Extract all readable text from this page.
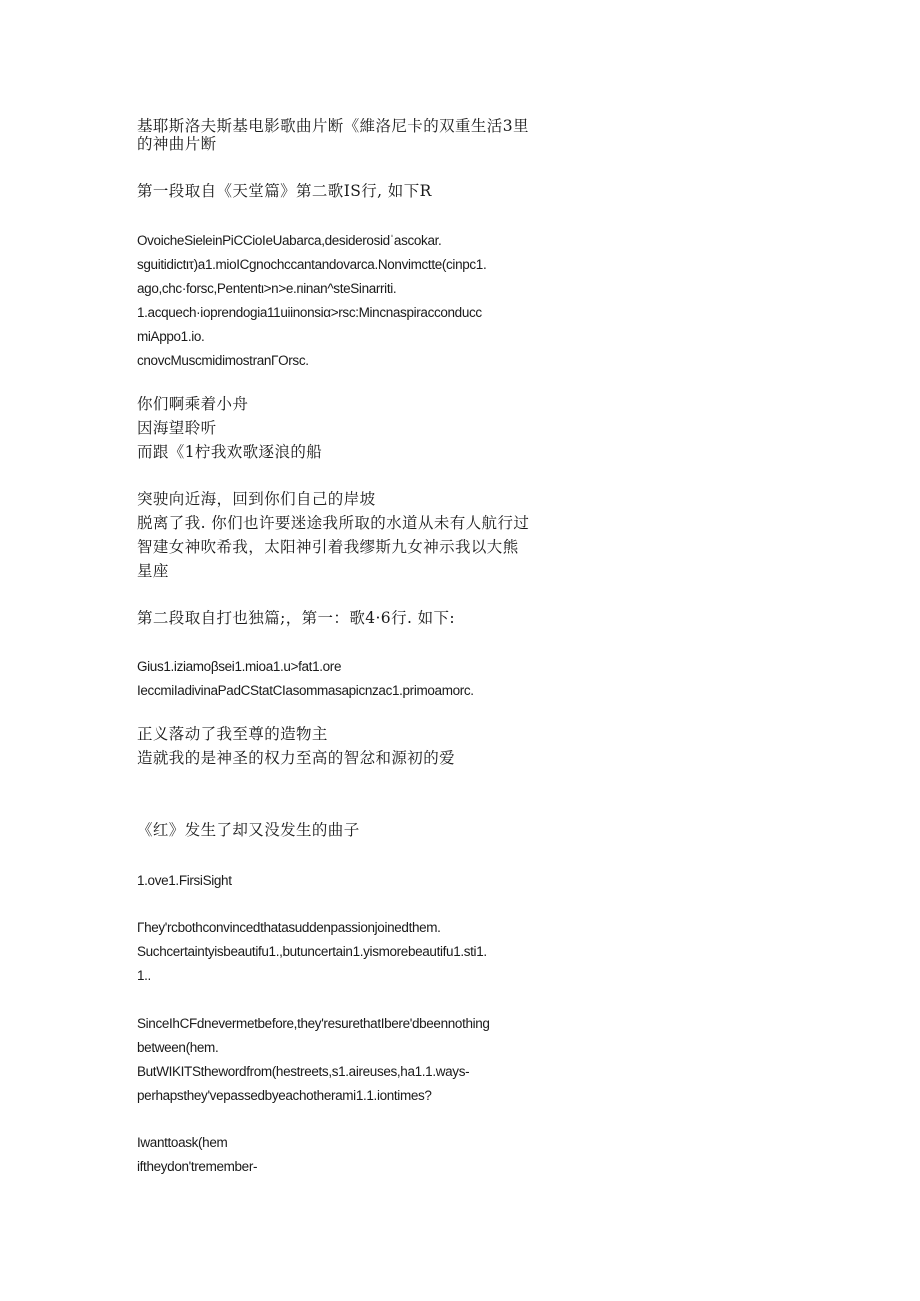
基耶斯洛夫斯基电影歌曲片断《維洛尼卡的双重生活3里
的神曲片断
第一段取自《天堂篇》第二歌IS行, 如下R
OvoicheSieleinPiCCioIeUabarca,desiderosidˈascokar.
sguitidictιτ)a1.mioICgnochccantandovarca.Nonvimctte(cinpc1.
ago,chc·forsc,Pententι>n>e.rιinan^steSinarriti.
1.acquech·ioprendogia11uiinonsiα>rsc:Mincnaspiracconducc
miAppo1.io.
cnovcMuscmidimostranΓOrsc.
你们啊乘着小舟
因海望聆听
而跟《1柠我欢歌逐浪的船
突驶向近海，回到你们自己的岸坡
脱离了我. 你们也许要迷途我所取的水道从未有人航行过
智建女神吹希我，太阳神引着我缪斯九女神示我以大熊
星座
第二段取自打也独篇;，第一：歌4·6行. 如下:
Gius1.iziamoβsei1.mioa1.u>fat1.ore
IeccmiIadivinaPadCStatCIasommasapicnzac1.primoamorc.
正义落动了我至尊的造物主
造就我的是神圣的权力至高的智忿和源初的爱
《红》发生了却又没发生的曲子
1.ove1.FirsiSight
Γhey'rcbothconvincedthatasuddenpassionjoinedthem.
Suchcertaintyisbeautifu1.,butuncertain1.yismorebeautifu1.sti1.
1..
SinceIhCFdnevermetbefore,they'resurethatIbere'dbeennothing
between(hem.
ButWIKITSthewordfrom(hestreets,s1.aireuses,ha1.1.ways-
perhapsthey'vepassedbyeachotherami1.1.iontimes?
Iwanttoask(hem
iftheydon'tremember-
